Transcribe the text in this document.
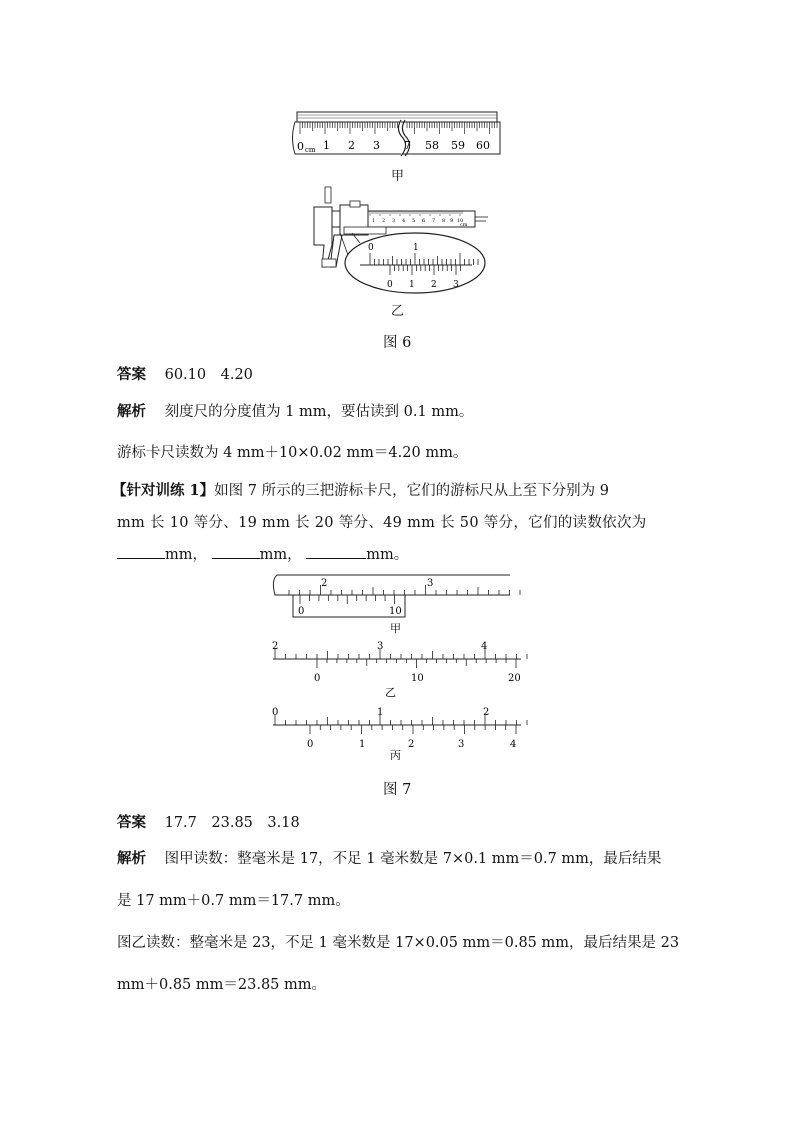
0 cm 1 2 3 7 58 59 60
甲
1 2 3 4 5 6 7 8 9 10
cm
0	1
0 1 2 3
乙
图 6
答案 60.10　4.20
解析 刻度尺的分度值为 1 mm，要估读到 0.1 mm。
游标卡尺读数为 4 mm＋10×0.02 mm＝4.20 mm。
【针对训练 1】如图 7 所示的三把游标卡尺，它们的游标尺从上至下分别为 9
mm 长 10 等分、19 mm 长 20 等分、49 mm 长 50 等分，它们的读数依次为
mm，	mm，	mm。
2	3
0	10
甲
2	3	4
0	10	20
乙
0	1	2
0	1	2	3	4
丙
图 7
答案 17.7　23.85　3.18
解析 图甲读数：整毫米是 17，不足 1 毫米数是 7×0.1 mm＝0.7 mm，最后结果
是 17 mm＋0.7 mm＝17.7 mm。
图乙读数：整毫米是 23，不足 1 毫米数是 17×0.05 mm＝0.85 mm，最后结果是 23
mm＋0.85 mm＝23.85 mm。
